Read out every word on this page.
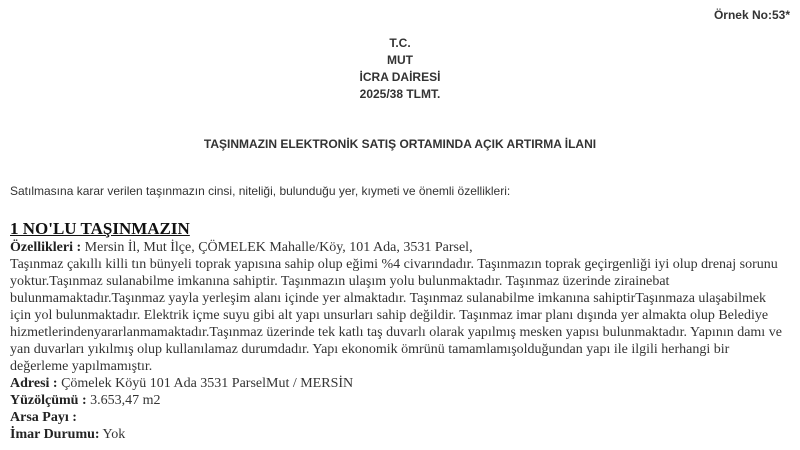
Örnek No:53*
T.C.
MUT
İCRA DAİRESİ
2025/38 TLMT.
TAŞINMAZIN ELEKTRONİK SATIŞ ORTAMINDA AÇIK ARTIRMA İLANI
Satılmasına karar verilen taşınmazın cinsi, niteliği, bulunduğu yer, kıymeti ve önemli özellikleri:
1 NO'LU TAŞINMAZIN
Özellikleri : Mersin İl, Mut İlçe, ÇÖMELEK Mahalle/Köy, 101 Ada, 3531 Parsel,

Taşınmaz çakıllı killi tın bünyeli toprak yapısına sahip olup eğimi %4 civarındadır. Taşınmazın toprak geçirgenliği iyi olup drenaj sorunu yoktur.Taşınmaz sulanabilme imkanına sahiptir. Taşınmazın ulaşım yolu bulunmaktadır. Taşınmaz üzerinde zirainebat bulunmamaktadır.Taşınmaz yayla yerleşim alanı içinde yer almaktadır. Taşınmaz sulanabilme imkanına sahiptirTaşınmaza ulaşabilmek için yol bulunmaktadır. Elektrik içme suyu gibi alt yapı unsurları sahip değildir. Taşınmaz imar planı dışında yer almakta olup Belediye hizmetlerindenyararlanmamaktadır.Taşınmaz üzerinde tek katlı taş duvarlı olarak yapılmış mesken yapısı bulunmaktadır. Yapının damı ve yan duvarları yıkılmış olup kullanılamaz durumdadır. Yapı ekonomik ömrünü tamamlamışolduğundan yapı ile ilgili herhangi bir değerleme yapılmamıştır.

Adresi : Çömelek Köyü 101 Ada 3531 ParselMut / MERSİN
Yüzölçümü : 3.653,47 m2
Arsa Payı :
İmar Durumu: Yok
